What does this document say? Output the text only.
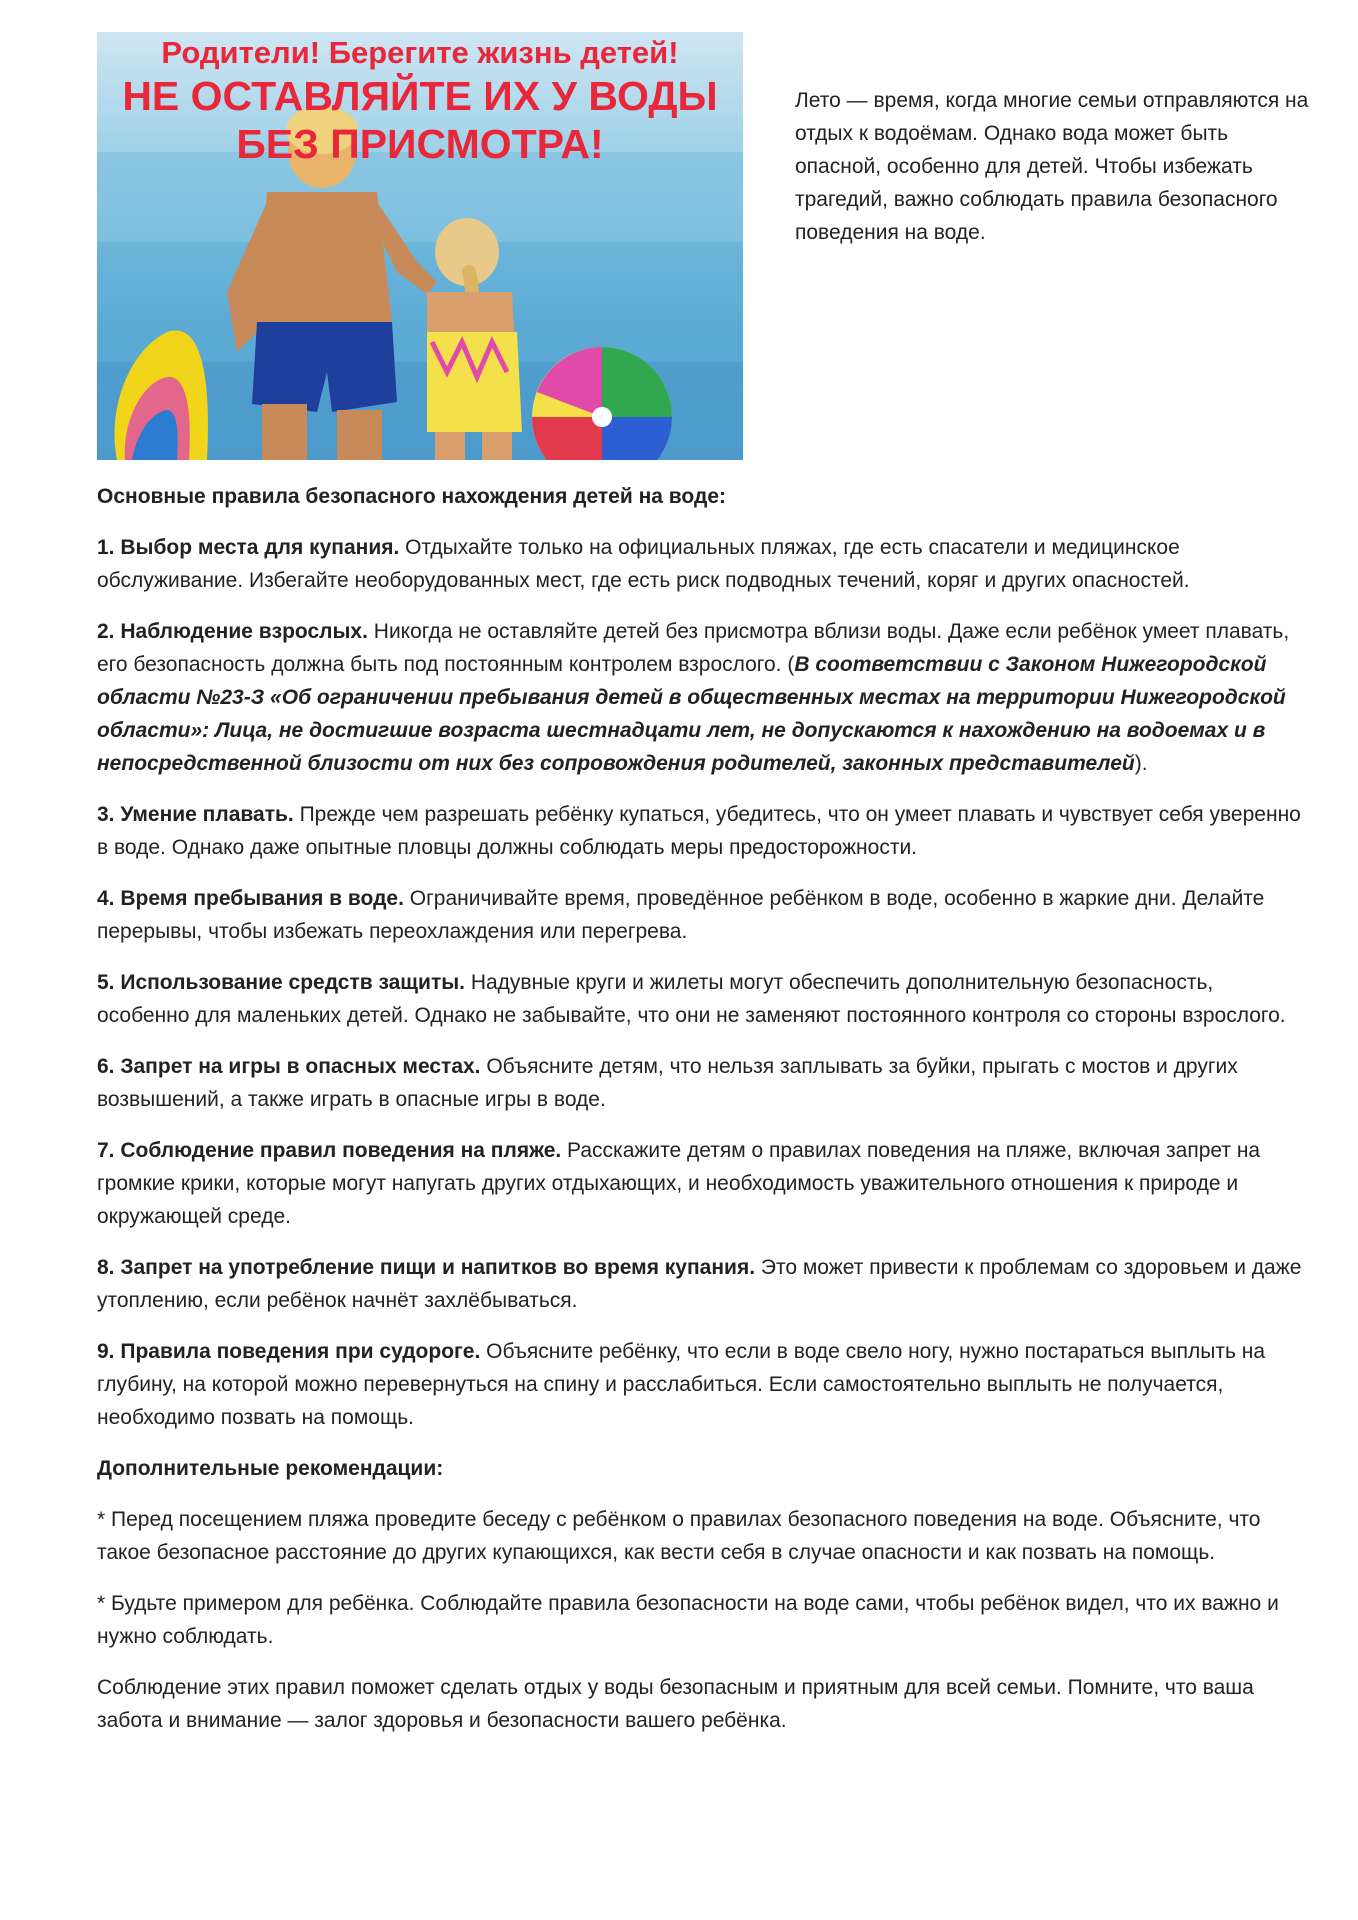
Родители! Берегите жизнь детей!
НЕ ОСТАВЛЯЙТЕ ИХ У ВОДЫ
БЕЗ ПРИСМОТРА!
Лето — время, когда многие семьи отправляются на отдых к водоёмам. Однако вода может быть опасной, особенно для детей. Чтобы избежать трагедий, важно соблюдать правила безопасного поведения на воде.

Основные правила безопасного нахождения детей на воде:

1. Выбор места для купания. Отдыхайте только на официальных пляжах, где есть спасатели и медицинское обслуживание. Избегайте необорудованных мест, где есть риск подводных течений, коряг и других опасностей.

2. Наблюдение взрослых. Никогда не оставляйте детей без присмотра вблизи воды. Даже если ребёнок умеет плавать, его безопасность должна быть под постоянным контролем взрослого. (В соответствии с Законом Нижегородской области №23-З «Об ограничении пребывания детей в общественных местах на территории Нижегородской области»: Лица, не достигшие возраста шестнадцати лет, не допускаются к нахождению на водоемах и в непосредственной близости от них без сопровождения родителей, законных представителей).

3. Умение плавать. Прежде чем разрешать ребёнку купаться, убедитесь, что он умеет плавать и чувствует себя уверенно в воде. Однако даже опытные пловцы должны соблюдать меры предосторожности.

4. Время пребывания в воде. Ограничивайте время, проведённое ребёнком в воде, особенно в жаркие дни. Делайте перерывы, чтобы избежать переохлаждения или перегрева.

5. Использование средств защиты. Надувные круги и жилеты могут обеспечить дополнительную безопасность, особенно для маленьких детей. Однако не забывайте, что они не заменяют постоянного контроля со стороны взрослого.

6. Запрет на игры в опасных местах. Объясните детям, что нельзя заплывать за буйки, прыгать с мостов и других возвышений, а также играть в опасные игры в воде.

7. Соблюдение правил поведения на пляже. Расскажите детям о правилах поведения на пляже, включая запрет на громкие крики, которые могут напугать других отдыхающих, и необходимость уважительного отношения к природе и окружающей среде.

8. Запрет на употребление пищи и напитков во время купания. Это может привести к проблемам со здоровьем и даже утоплению, если ребёнок начнёт захлёбываться.

9. Правила поведения при судороге. Объясните ребёнку, что если в воде свело ногу, нужно постараться выплыть на глубину, на которой можно перевернуться на спину и расслабиться. Если самостоятельно выплыть не получается, необходимо позвать на помощь.

Дополнительные рекомендации:

* Перед посещением пляжа проведите беседу с ребёнком о правилах безопасного поведения на воде. Объясните, что такое безопасное расстояние до других купающихся, как вести себя в случае опасности и как позвать на помощь.

* Будьте примером для ребёнка. Соблюдайте правила безопасности на воде сами, чтобы ребёнок видел, что их важно и нужно соблюдать.

Соблюдение этих правил поможет сделать отдых у воды безопасным и приятным для всей семьи. Помните, что ваша забота и внимание — залог здоровья и безопасности вашего ребёнка.
